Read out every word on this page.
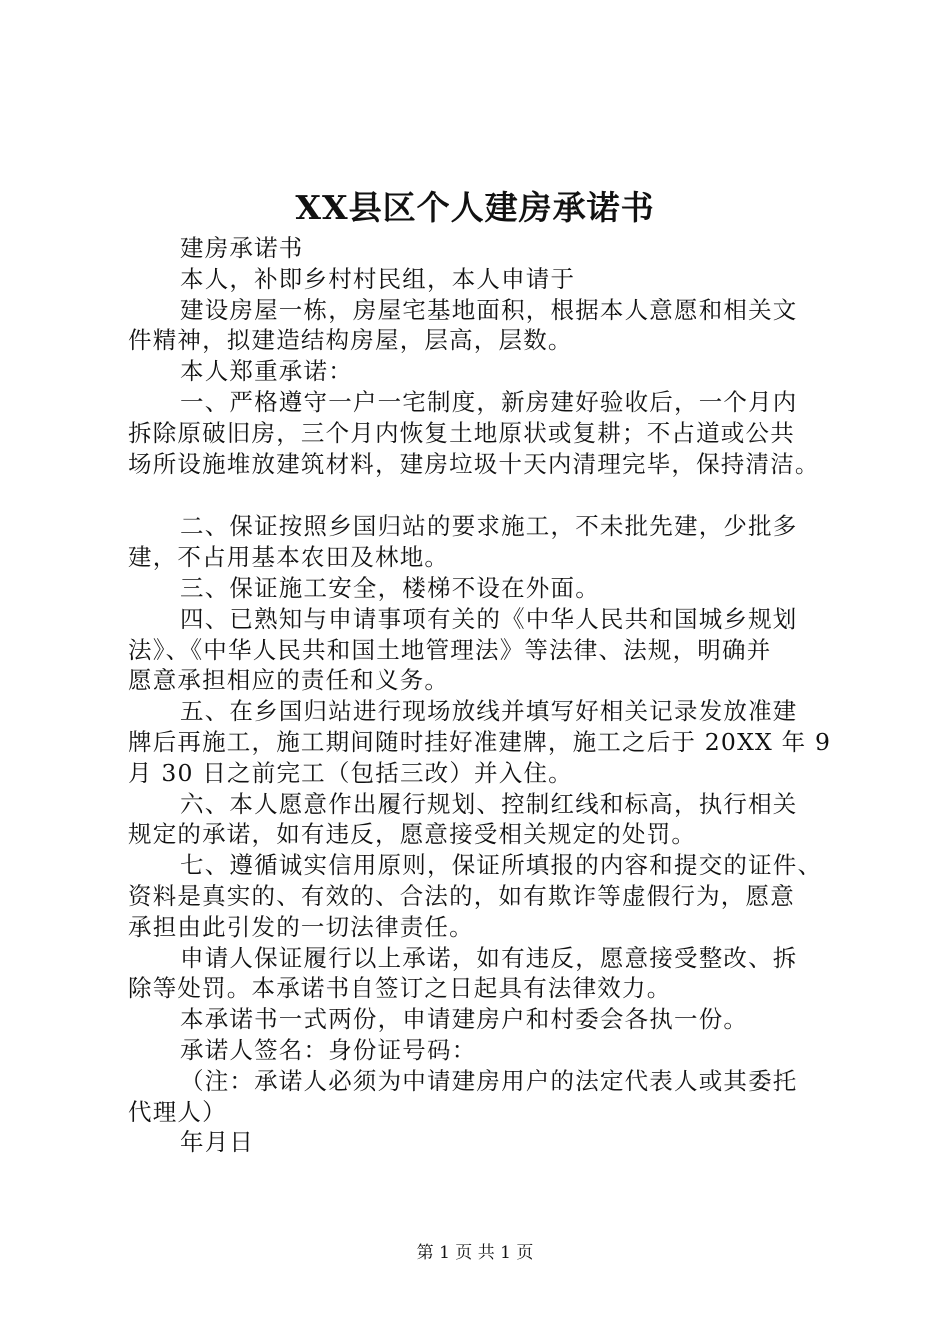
XX县区个人建房承诺书
建房承诺书
本人，补即乡村村民组，本人申请于
建设房屋一栋，房屋宅基地面积，根据本人意愿和相关文
件精神，拟建造结构房屋，层高，层数。
本人郑重承诺：
一、严格遵守一户一宅制度，新房建好验收后，一个月内
拆除原破旧房，三个月内恢复土地原状或复耕；不占道或公共
场所设施堆放建筑材料，建房垃圾十天内清理完毕，保持清洁。
二、保证按照乡国归站的要求施工，不未批先建，少批多
建，不占用基本农田及林地。
三、保证施工安全，楼梯不设在外面。
四、已熟知与申请事项有关的《中华人民共和国城乡规划
法》、《中华人民共和国土地管理法》等法律、法规，明确并
愿意承担相应的责任和义务。
五、在乡国归站进行现场放线并填写好相关记录发放准建
牌后再施工，施工期间随时挂好准建牌，施工之后于 20XX 年 9
月 30 日之前完工（包括三改）并入住。
六、本人愿意作出履行规划、控制红线和标高，执行相关
规定的承诺，如有违反，愿意接受相关规定的处罚。
七、遵循诚实信用原则，保证所填报的内容和提交的证件、
资料是真实的、有效的、合法的，如有欺诈等虚假行为，愿意
承担由此引发的一切法律责任。
申请人保证履行以上承诺，如有违反，愿意接受整改、拆
除等处罚。本承诺书自签订之日起具有法律效力。
本承诺书一式两份，申请建房户和村委会各执一份。
承诺人签名：身份证号码：
（注：承诺人必须为中请建房用户的法定代表人或其委托
代理人）
年月日
第 1 页 共 1 页
